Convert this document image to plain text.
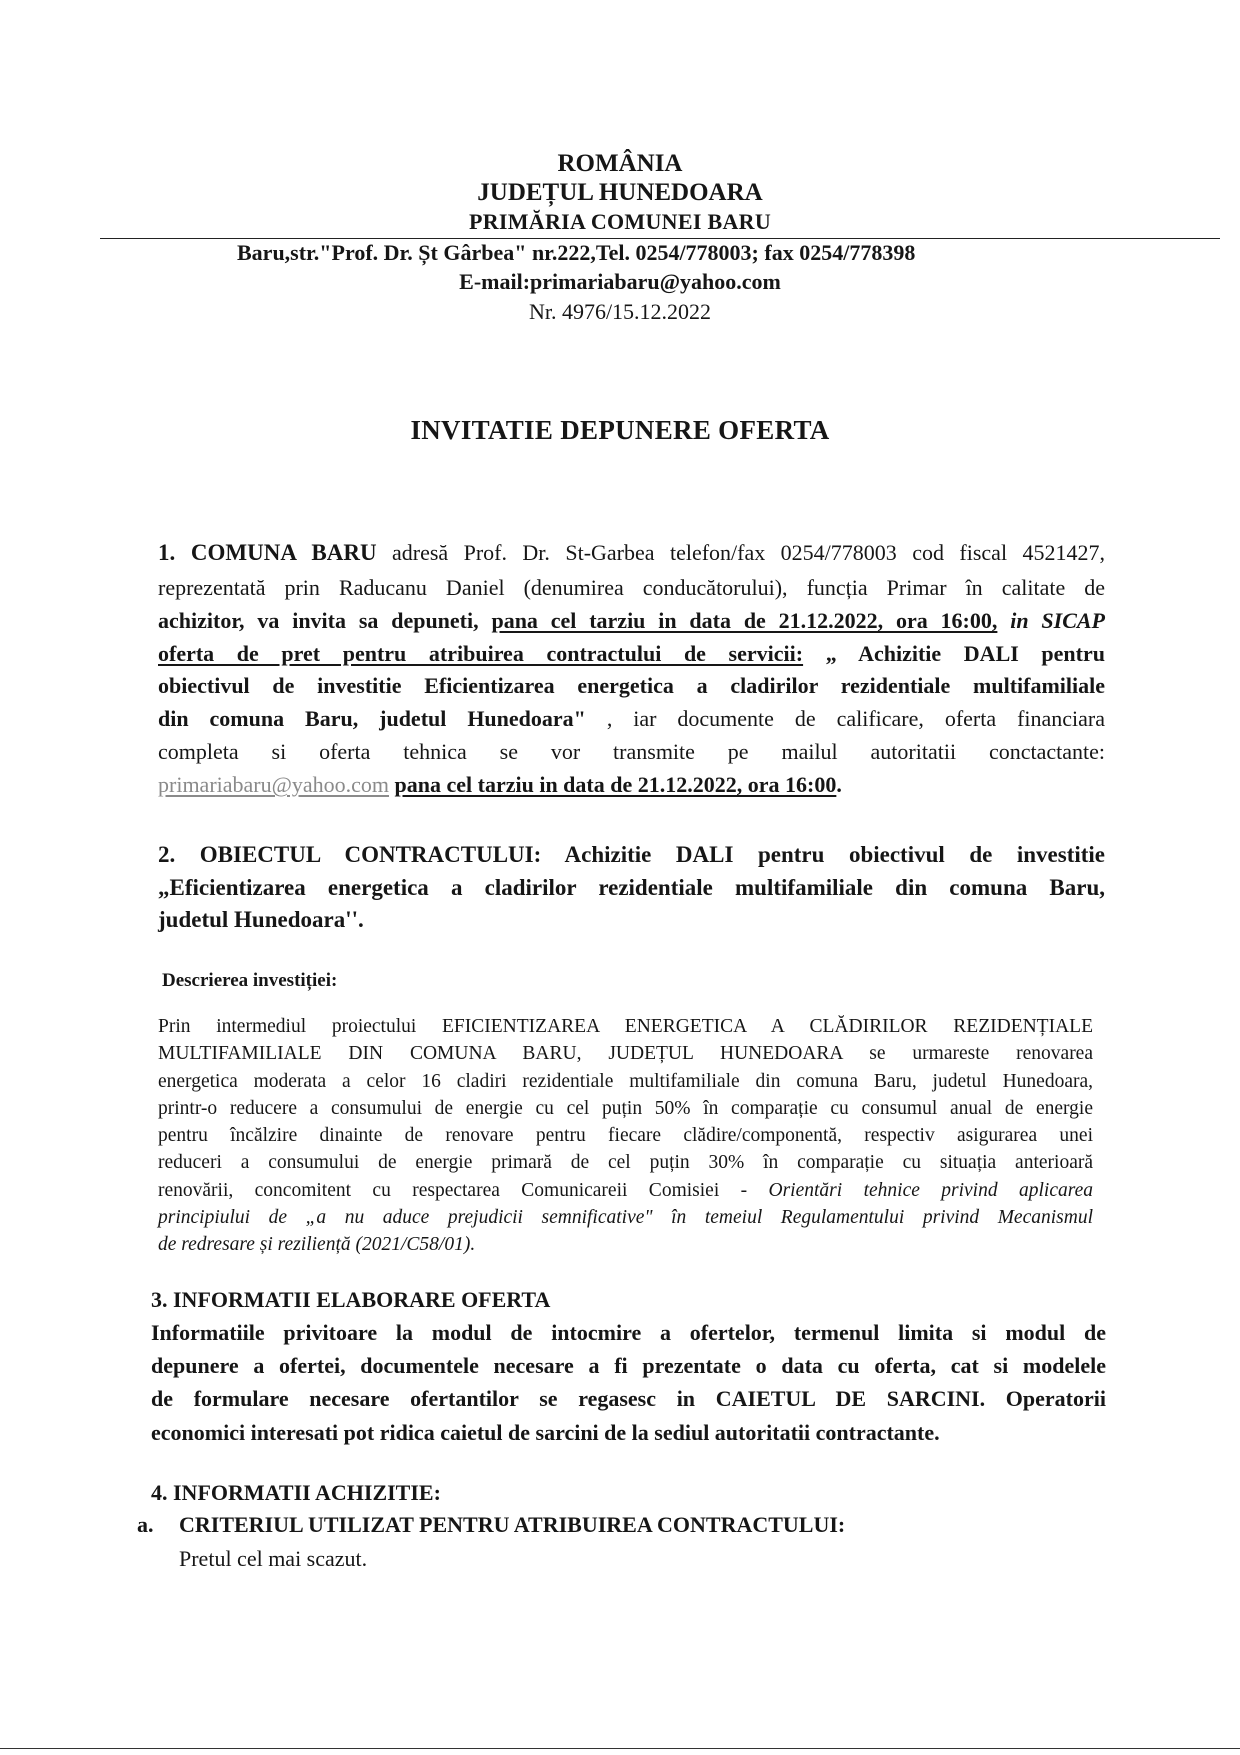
ROMÂNIA
JUDEȚUL HUNEDOARA
PRIMĂRIA COMUNEI BARU
Baru,str."Prof. Dr. Șt Gârbea" nr.222,Tel. 0254/778003; fax 0254/778398
E-mail:primariabaru@yahoo.com
Nr. 4976/15.12.2022
INVITATIE DEPUNERE OFERTA
1. COMUNA BARU adresă Prof. Dr. St-Garbea telefon/fax 0254/778003 cod fiscal 4521427,
reprezentată prin Raducanu Daniel (denumirea conducătorului), funcția Primar în calitate de
achizitor, va invita sa depuneti, pana cel tarziu in data de 21.12.2022, ora 16:00, in SICAP
oferta de pret pentru atribuirea contractului de servicii: „ Achizitie DALI pentru
obiectivul de investitie Eficientizarea energetica a cladirilor rezidentiale multifamiliale
din comuna Baru, judetul Hunedoara" , iar documente de calificare, oferta financiara
completa si oferta tehnica se vor transmite pe mailul autoritatii conctactante:
primariabaru@yahoo.com pana cel tarziu in data de 21.12.2022, ora 16:00.
2. OBIECTUL CONTRACTULUI: Achizitie DALI pentru obiectivul de investitie
„Eficientizarea energetica a cladirilor rezidentiale multifamiliale din comuna Baru,
judetul Hunedoara''.
Descrierea investiției:
Prin intermediul proiectului EFICIENTIZAREA ENERGETICA A CLĂDIRILOR REZIDENȚIALE
MULTIFAMILIALE DIN COMUNA BARU, JUDEȚUL HUNEDOARA se urmareste renovarea
energetica moderata a celor 16 cladiri rezidentiale multifamiliale din comuna Baru, judetul Hunedoara,
printr-o reducere a consumului de energie cu cel puțin 50% în comparație cu consumul anual de energie
pentru încălzire dinainte de renovare pentru fiecare clădire/componentă, respectiv asigurarea unei
reduceri a consumului de energie primară de cel puțin 30% în comparație cu situația anterioară
renovării, concomitent cu respectarea Comunicareii Comisiei - Orientări tehnice privind aplicarea
principiului de „a nu aduce prejudicii semnificative" în temeiul Regulamentului privind Mecanismul
de redresare și reziliență (2021/C58/01).
3. INFORMATII ELABORARE OFERTA
Informatiile privitoare la modul de intocmire a ofertelor, termenul limita si modul de
depunere a ofertei, documentele necesare a fi prezentate o data cu oferta, cat si modelele
de formulare necesare ofertantilor se regasesc in CAIETUL DE SARCINI. Operatorii
economici interesati pot ridica caietul de sarcini de la sediul autoritatii contractante.
4. INFORMATII ACHIZITIE:
a. CRITERIUL UTILIZAT PENTRU ATRIBUIREA CONTRACTULUI:
Pretul cel mai scazut.
